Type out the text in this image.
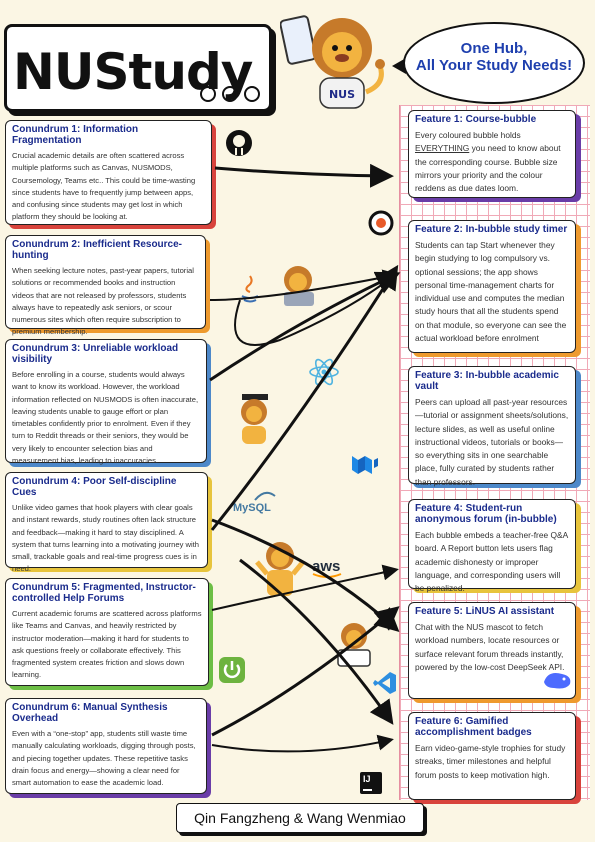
NUStudy	NUS
One Hub,
All Your Study Needs!
Conundrum 1: Information Fragmentation
Crucial academic details are often scattered across multiple platforms such as Canvas, NUSMODS, Coursemology, Teams etc.. This could be time-wasting since students have to frequently jump between apps, and confusing since students may get lost in which platform they should be looking at.
Conundrum 2: Inefficient Resource-hunting
When seeking lecture notes, past-year papers, tutorial solutions or recommended books and instruction videos that are not released by professors, students always have to repeatedly ask seniors, or scour numerous sites which often require subscription to premium membership.
Conundrum 3: Unreliable workload visibility
Before enrolling in a course, students would always want to know its workload. However, the workload information reflected on NUSMODS is often inaccurate, leaving students unable to gauge effort or plan timetables confidently prior to enrolment. Even if they turn to Reddit threads or their seniors, they would be very likely to encounter selection bias and measurement bias, leading to inaccuracies.
Conundrum 4: Poor Self-discipline Cues
Unlike video games that hook players with clear goals and instant rewards, study routines often lack structure and feedback—making it hard to stay disciplined. A system that turns learning into a motivating journey with small, trackable goals and real-time progress cues is in need.
Conundrum 5: Fragmented, Instructor-controlled Help Forums
Current academic forums are scattered across platforms like Teams and Canvas, and heavily restricted by instructor moderation—making it hard for students to ask questions freely or collaborate effectively. This fragmented system creates friction and slows down learning.
Conundrum 6: Manual Synthesis Overhead
Even with a “one-stop” app, students still waste time manually calculating workloads, digging through posts, and piecing together updates. These repetitive tasks drain focus and energy—showing a clear need for smart automation to ease the academic load.
Feature 1: Course-bubble
Every coloured bubble holds EVERYTHING you need to know about the corresponding course. Bubble size mirrors your priority and the colour reddens as due dates loom.
Feature 2: In-bubble study timer
Students can tap Start whenever they begin studying to log compulsory vs. optional sessions; the app shows personal time-management charts for individual use and computes the median study hours that all the students spend on that module, so everyone can see the actual workload before enrolment
Feature 3: In-bubble academic vault
Peers can upload all past-year resources—tutorial or assignment sheets/solutions, lecture slides, as well as useful online instructional videos, tutorials or books—so everything sits in one searchable place, fully curated by students rather than professors.
Feature 4: Student-run anonymous forum (in-bubble)
Each bubble embeds a teacher-free Q&A board. A Report button lets users flag academic dishonesty or improper language, and corresponding users will be penalized.
Feature 5: LiNUS AI assistant
Chat with the NUS mascot to fetch workload numbers, locate resources or surface relevant forum threads instantly, powered by the low-cost DeepSeek API.
Feature 6: Gamified accomplishment badges
Earn video-game-style trophies for study streaks, timer milestones and helpful forum posts to keep motivation high.
MySQL
aws
IJ
Qin Fangzheng & Wang Wenmiao
